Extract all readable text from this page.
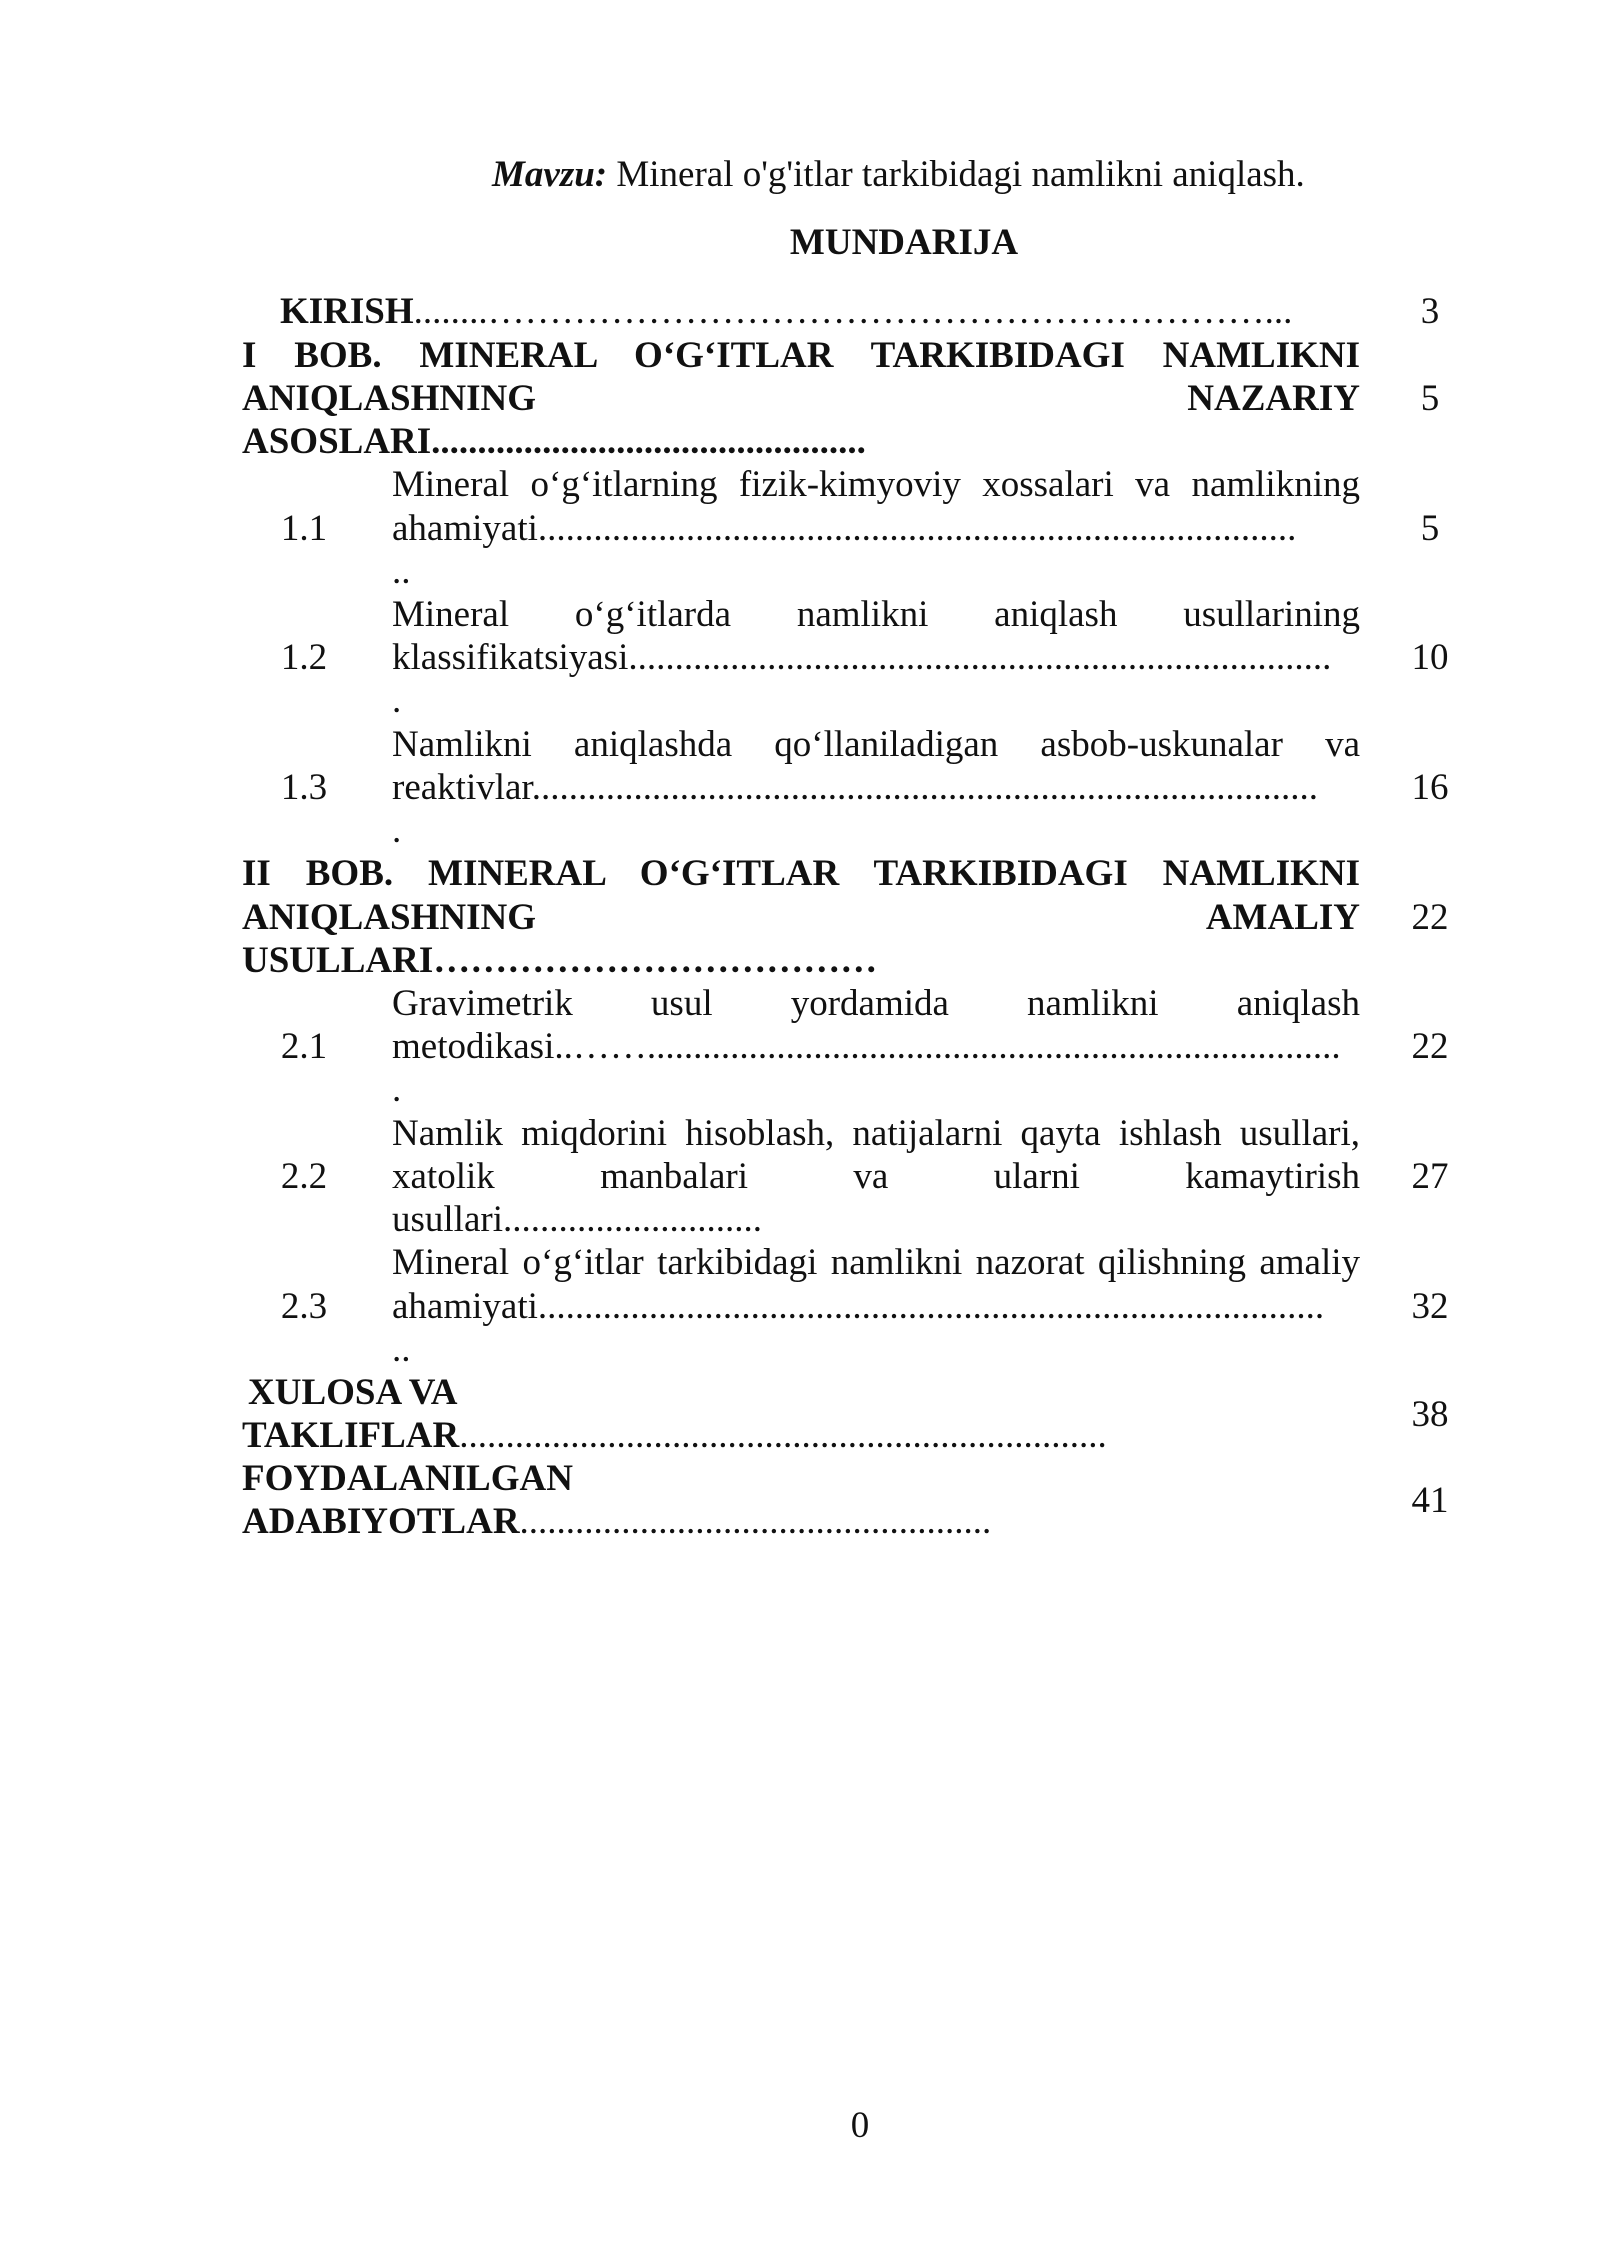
Mavzu: Mineral o'g'itlar tarkibidagi namlikni aniqlash.
MUNDARIJA
KIRISH........………………………………………………………...	3
I BOB. MINERAL O‘G‘ITLAR TARKIBIDAGI NAMLIKNI
ANIQLASHNING NAZARIY
ASOSLARI...............................................
5
1.1
Mineral o‘g‘itlarning fizik-kimyoviy xossalari va namlikning
ahamiyati..................................................................................
..
5
1.2
Mineral o‘g‘itlarda namlikni aniqlash usullarining
klassifikatsiyasi............................................................................
.
10
1.3
Namlikni aniqlashda qo‘llaniladigan asbob-uskunalar va
reaktivlar.....................................................................................
.
16
II BOB. MINERAL O‘G‘ITLAR TARKIBIDAGI NAMLIKNI
ANIQLASHNING AMALIY
USULLARI………………………………
22
2.1
Gravimetrik usul yordamida namlikni aniqlash
metodikasi..……...........................................................................
.
22
2.2
Namlik miqdorini hisoblash, natijalarni qayta ishlash usullari,
xatolik manbalari va ularni kamaytirish
usullari............................
27
2.3
Mineral o‘g‘itlar tarkibidagi namlikni nazorat qilishning amaliy
ahamiyati.....................................................................................
..
32
XULOSA VA
TAKLIFLAR......................................................................
38
FOYDALANILGAN
ADABIYOTLAR...................................................
41
0
